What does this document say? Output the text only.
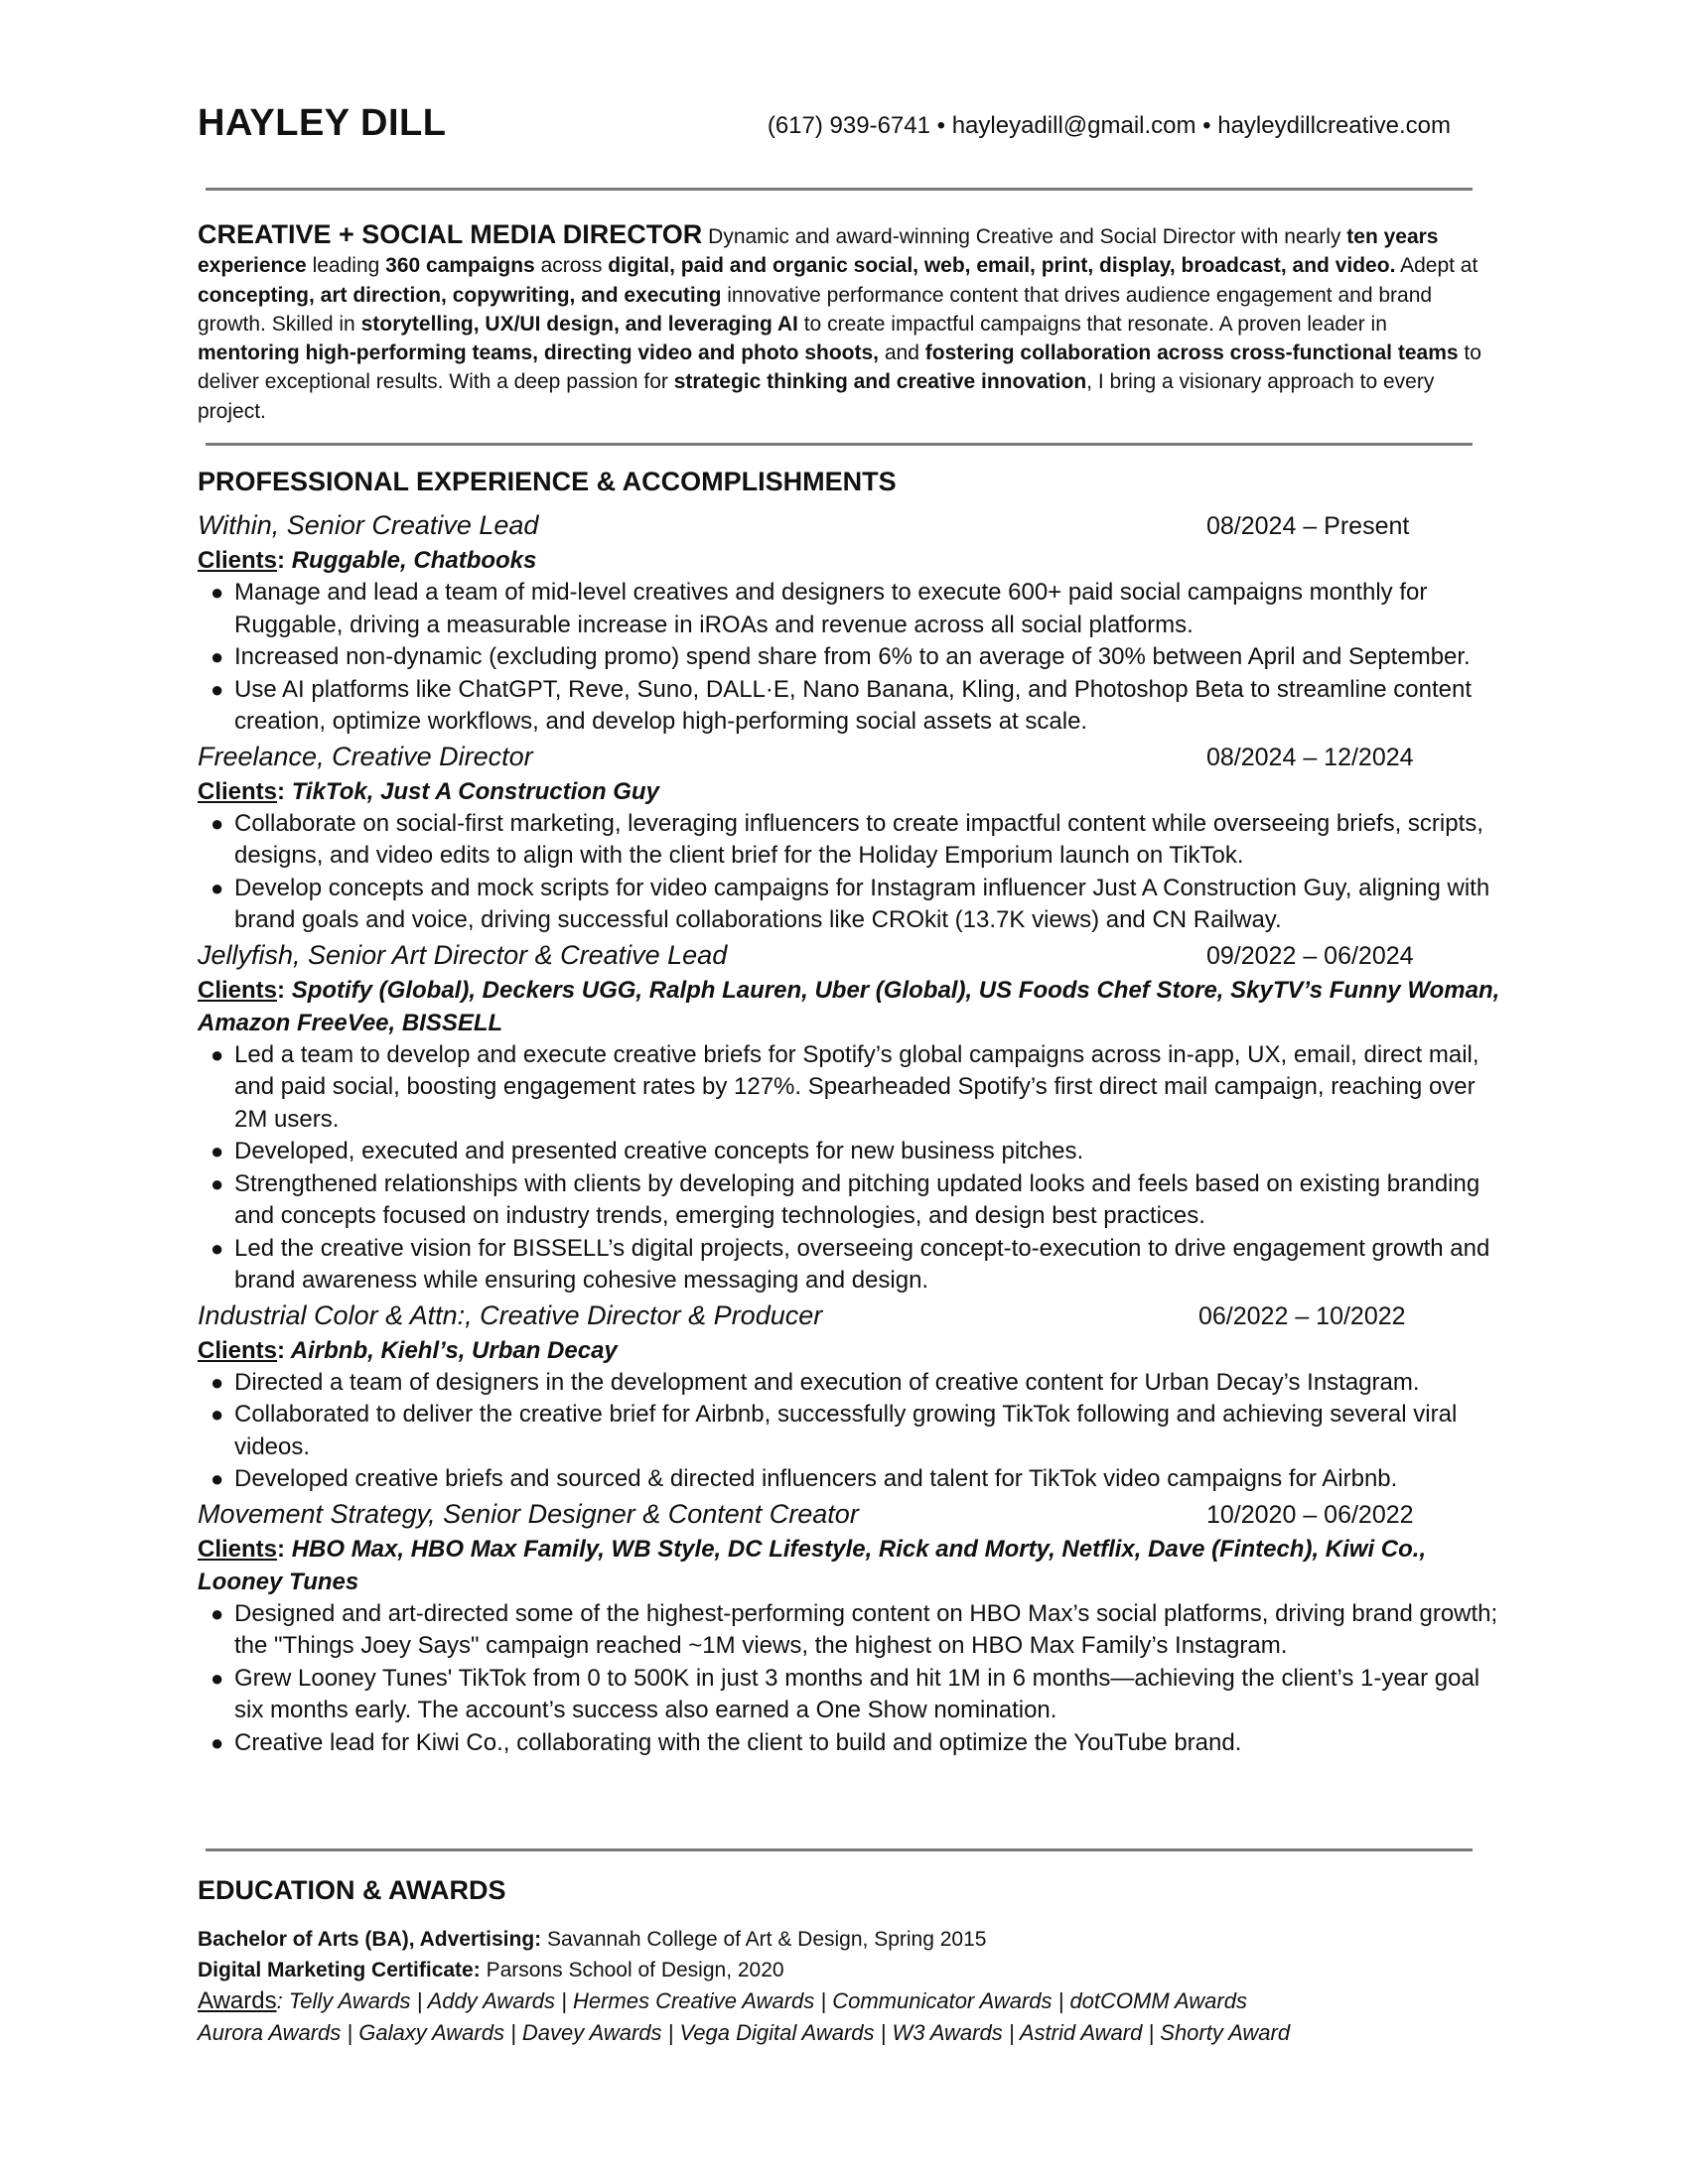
HAYLEY DILL	(617) 939-6741 • hayleyadill@gmail.com • hayleydillcreative.com
CREATIVE + SOCIAL MEDIA DIRECTOR Dynamic and award-winning Creative and Social Director with nearly ten years experience leading 360 campaigns across digital, paid and organic social, web, email, print, display, broadcast, and video. Adept at concepting, art direction, copywriting, and executing innovative performance content that drives audience engagement and brand growth. Skilled in storytelling, UX/UI design, and leveraging AI to create impactful campaigns that resonate. A proven leader in mentoring high-performing teams, directing video and photo shoots, and fostering collaboration across cross-functional teams to deliver exceptional results. With a deep passion for strategic thinking and creative innovation, I bring a visionary approach to every project.
PROFESSIONAL EXPERIENCE & ACCOMPLISHMENTS
Within, Senior Creative Lead	08/2024 – Present
Clients: Ruggable, Chatbooks
● Manage and lead a team of mid-level creatives and designers to execute 600+ paid social campaigns monthly for Ruggable, driving a measurable increase in iROAs and revenue across all social platforms.
● Increased non-dynamic (excluding promo) spend share from 6% to an average of 30% between April and September.
● Use AI platforms like ChatGPT, Reve, Suno, DALL·E, Nano Banana, Kling, and Photoshop Beta to streamline content creation, optimize workflows, and develop high-performing social assets at scale.
Freelance, Creative Director	08/2024 – 12/2024
Clients: TikTok, Just A Construction Guy
● Collaborate on social-first marketing, leveraging influencers to create impactful content while overseeing briefs, scripts, designs, and video edits to align with the client brief for the Holiday Emporium launch on TikTok.
● Develop concepts and mock scripts for video campaigns for Instagram influencer Just A Construction Guy, aligning with brand goals and voice, driving successful collaborations like CROkit (13.7K views) and CN Railway.
Jellyfish, Senior Art Director & Creative Lead	09/2022 – 06/2024
Clients: Spotify (Global), Deckers UGG, Ralph Lauren, Uber (Global), US Foods Chef Store, SkyTV’s Funny Woman, Amazon FreeVee, BISSELL
● Led a team to develop and execute creative briefs for Spotify’s global campaigns across in-app, UX, email, direct mail, and paid social, boosting engagement rates by 127%. Spearheaded Spotify’s first direct mail campaign, reaching over 2M users.
● Developed, executed and presented creative concepts for new business pitches.
● Strengthened relationships with clients by developing and pitching updated looks and feels based on existing branding and concepts focused on industry trends, emerging technologies, and design best practices.
● Led the creative vision for BISSELL’s digital projects, overseeing concept-to-execution to drive engagement growth and brand awareness while ensuring cohesive messaging and design.
Industrial Color & Attn:, Creative Director & Producer	06/2022 – 10/2022
Clients: Airbnb, Kiehl’s, Urban Decay
● Directed a team of designers in the development and execution of creative content for Urban Decay’s Instagram.
● Collaborated to deliver the creative brief for Airbnb, successfully growing TikTok following and achieving several viral videos.
● Developed creative briefs and sourced & directed influencers and talent for TikTok video campaigns for Airbnb.
Movement Strategy, Senior Designer & Content Creator	10/2020 – 06/2022
Clients: HBO Max, HBO Max Family, WB Style, DC Lifestyle, Rick and Morty, Netflix, Dave (Fintech), Kiwi Co., Looney Tunes
● Designed and art-directed some of the highest-performing content on HBO Max’s social platforms, driving brand growth; the "Things Joey Says" campaign reached ~1M views, the highest on HBO Max Family’s Instagram.
● Grew Looney Tunes' TikTok from 0 to 500K in just 3 months and hit 1M in 6 months—achieving the client’s 1-year goal six months early. The account’s success also earned a One Show nomination.
● Creative lead for Kiwi Co., collaborating with the client to build and optimize the YouTube brand.
EDUCATION & AWARDS
Bachelor of Arts (BA), Advertising: Savannah College of Art & Design, Spring 2015
Digital Marketing Certificate: Parsons School of Design, 2020
Awards: Telly Awards | Addy Awards | Hermes Creative Awards | Communicator Awards | dotCOMM Awards
Aurora Awards | Galaxy Awards | Davey Awards | Vega Digital Awards | W3 Awards | Astrid Award | Shorty Award
